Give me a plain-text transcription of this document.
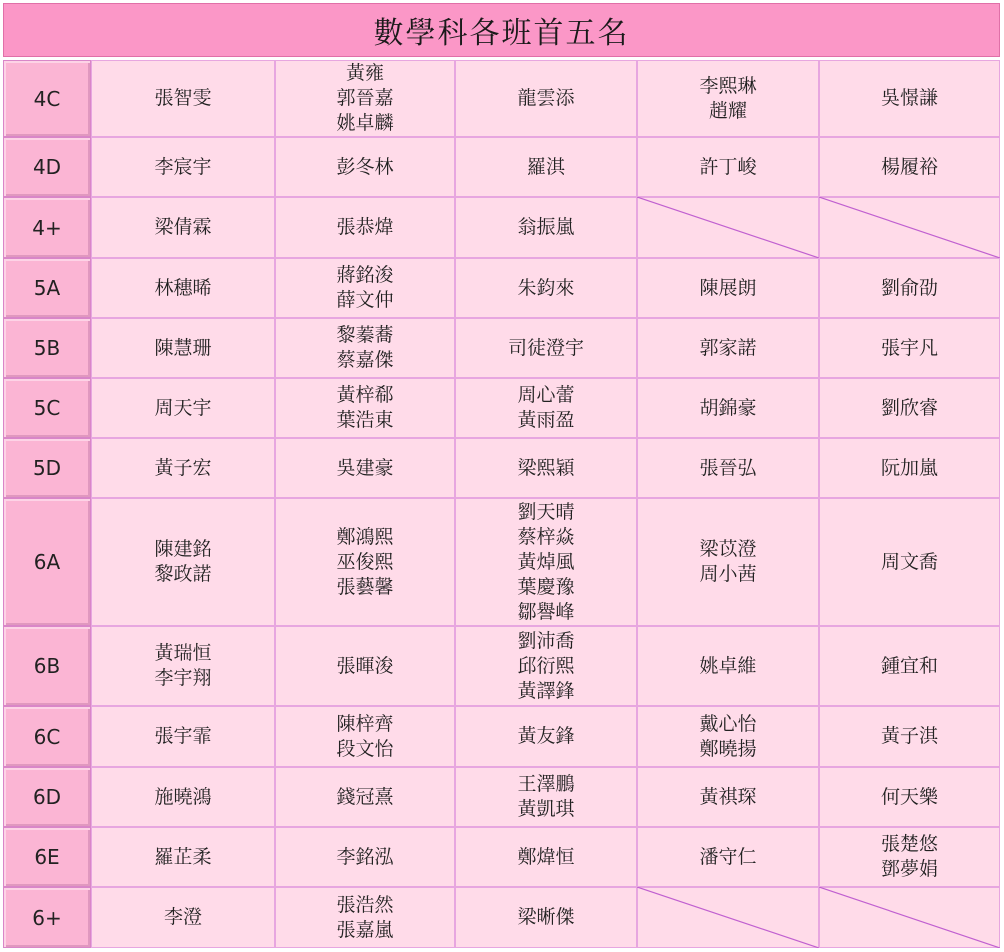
數學科各班首五名
4C
4D
4+
5A
5B
5C
5D
6A
6B
6C
6D
6E
6+
張智雯
李宸宇
梁倩霖
林穗晞
陳慧珊
周天宇
黃子宏
陳建銘
黎政諾
黃瑞恒
李宇翔
張宇霏
施曉鴻
羅芷柔
李澄
黃雍
郭晉嘉
姚卓麟
彭冬林
張恭煒
蔣銘浚
薛文仲
黎蓁蕎
蔡嘉傑
黃梓郗
葉浩東
吳建豪
鄭鴻熙
巫俊熙
張藝馨
張暉浚
陳梓齊
段文怡
錢冠熹
李銘泓
張浩然
張嘉嵐
龍雲添
羅淇
翁振嵐
朱鈞來
司徒澄宇
周心蕾
黃雨盈
梁熙穎
劉天晴
蔡梓焱
黃焯風
葉慶豫
鄒譽峰
劉沛喬
邱衍熙
黃譯鋒
黃友鋒
王澤鵬
黃凱琪
鄭煒恒
梁晰傑
李熙琳
趙耀
許丁峻
陳展朗
郭家諾
胡錦豪
張晉弘
梁苡澄
周小茜
姚卓維
戴心怡
鄭曉揚
黃祺琛
潘守仁
吳憬謙
楊履裕
劉俞劭
張宇凡
劉欣睿
阮加嵐
周文喬
鍾宜和
黃子淇
何天樂
張楚悠
鄧夢娟
